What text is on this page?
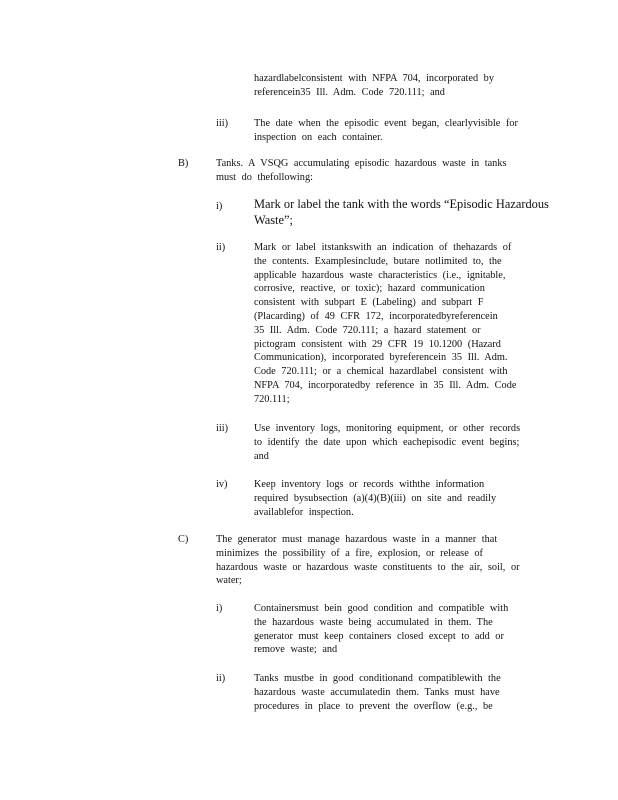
hazardlabelconsistent with NFPA 704, incorporated by
referencein35 Ill. Adm. Code 720.111; and
iii)	The date when the episodic event began, clearlyvisible for
inspection on each container.
B)	Tanks. A VSQG accumulating episodic hazardous waste in tanks
must do thefollowing:
i)	Mark or label the tank with the words “Episodic Hazardous
Waste”;
ii)	Mark or label itstankswith an indication of thehazards of
the contents. Examplesinclude, butare notlimited to, the
applicable hazardous waste characteristics (i.e., ignitable,
corrosive, reactive, or toxic); hazard communication
consistent with subpart E (Labeling) and subpart F
(Placarding) of 49 CFR 172, incorporatedbyreferencein
35 Ill. Adm. Code 720.111; a hazard statement or
pictogram consistent with 29 CFR 19 10.1200 (Hazard
Communication), incorporated byreferencein 35 Ill. Adm.
Code 720.111; or a chemical hazardlabel consistent with
NFPA 704, incorporatedby reference in 35 Ill. Adm. Code
720.111;
iii)	Use inventory logs, monitoring equipment, or other records
to identify the date upon which eachepisodic event begins;
and
iv)	Keep inventory logs or records withthe information
required bysubsection (a)(4)(B)(iii) on site and readily
availablefor inspection.
C)	The generator must manage hazardous waste in a manner that
minimizes the possibility of a fire, explosion, or release of
hazardous waste or hazardous waste constituents to the air, soil, or
water;
i)	Containersmust bein good condition and compatible with
the hazardous waste being accumulated in them. The
generator must keep containers closed except to add or
remove waste; and
ii)	Tanks mustbe in good conditionand compatiblewith the
hazardous waste accumulatedin them. Tanks must have
procedures in place to prevent the overflow (e.g., be
